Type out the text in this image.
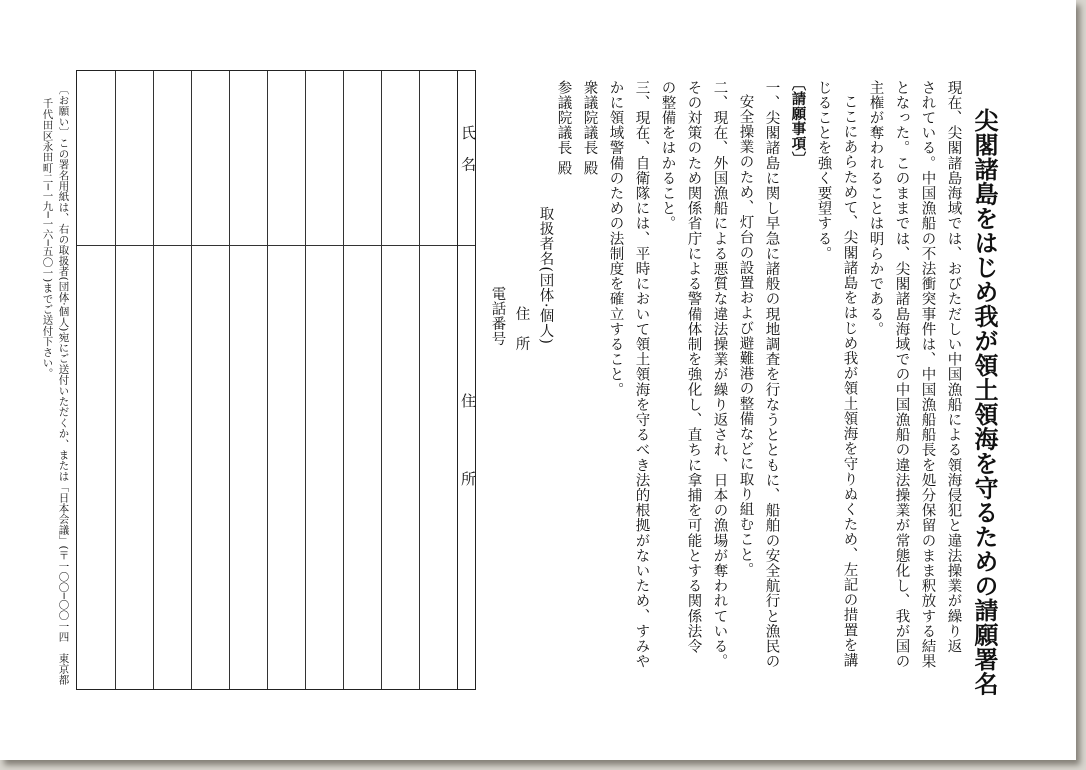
尖閣諸島をはじめ我が領土領海を守るための請願署名
現在、尖閣諸島海域では、おびただしい中国漁船による領海侵犯と違法操業が繰り返
されている。中国漁船の不法衝突事件は、中国漁船船長を処分保留のまま釈放する結果
となった。このままでは、尖閣諸島海域での中国漁船の違法操業が常態化し、我が国の
主権が奪われることは明らかである。
ここにあらためて、尖閣諸島をはじめ我が領土領海を守りぬくため、左記の措置を講
じることを強く要望する。
〔請願事項〕
一、尖閣諸島に関し早急に諸般の現地調査を行なうとともに、船舶の安全航行と漁民の
安全操業のため、灯台の設置および避難港の整備などに取り組むこと。
二、現在、外国漁船による悪質な違法操業が繰り返され、日本の漁場が奪われている。
その対策のため関係省庁による警備体制を強化し、直ちに拿捕を可能とする関係法令
の整備をはかること。
三、現在、自衛隊には、平時において領土領海を守るべき法的根拠がないため、すみや
かに領域警備のための法制度を確立すること。
衆議院議長 殿
参議院議長 殿
取扱者名(団体·個人)
住　所
電話番号
氏　名
住　　　　所
〔お願い〕この署名用紙は、右の取扱者(団体·個人)宛にご送付いただくか、または「日本会議」(〒一〇〇─〇〇一四　東京都
千代田区永田町二─一九─一六─五〇一)までご送付下さい。
